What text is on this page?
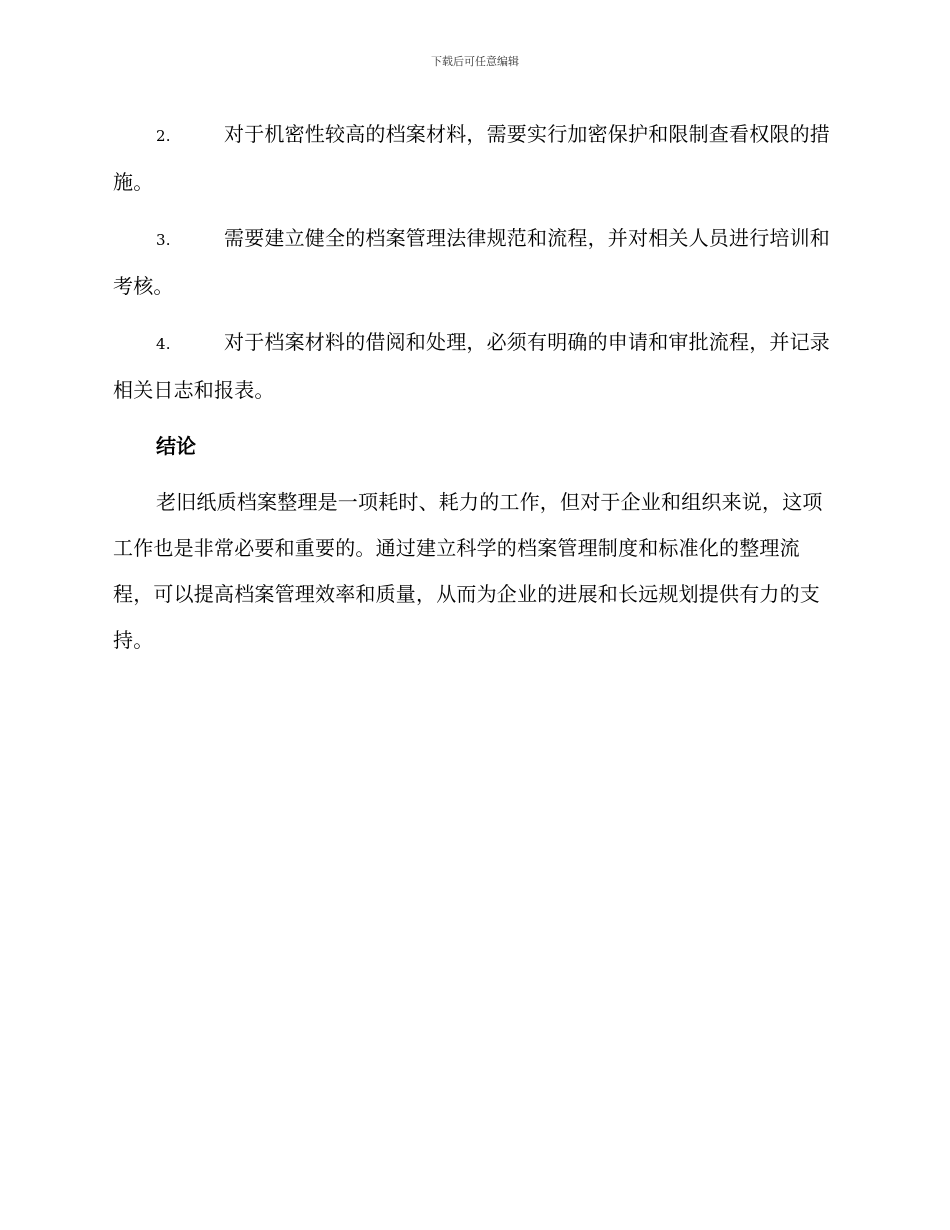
下载后可任意编辑

2.	对于机密性较高的档案材料，需要实行加密保护和限制查看权限的措施。

3.	需要建立健全的档案管理法律规范和流程，并对相关人员进行培训和考核。

4.	对于档案材料的借阅和处理，必须有明确的申请和审批流程，并记录相关日志和报表。

结论

老旧纸质档案整理是一项耗时、耗力的工作，但对于企业和组织来说，这项工作也是非常必要和重要的。通过建立科学的档案管理制度和标准化的整理流程，可以提高档案管理效率和质量，从而为企业的进展和长远规划提供有力的支持。
